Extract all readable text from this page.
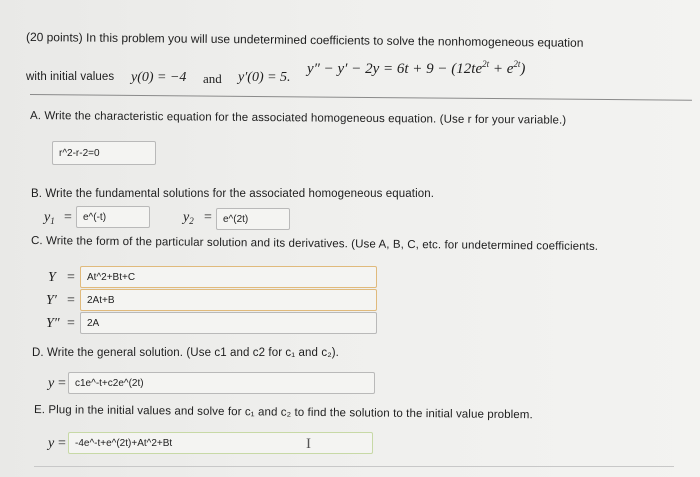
(20 points) In this problem you will use undetermined coefficients to solve the nonhomogeneous equation
$y'' - y' - 2y = 6t + 9 - (12te^{2t} + e^{2t})$
with initial values y(0) = −4 and y′(0) = 5.
A. Write the characteristic equation for the associated homogeneous equation. (Use r for your variable.)
r^2-r-2=0
B. Write the fundamental solutions for the associated homogeneous equation.
$y_1$ =	e^(-t)	$y_2$ =	e^(2t)
C. Write the form of the particular solution and its derivatives. (Use A, B, C, etc. for undetermined coefficients.
Y =	At^2+Bt+C
Y′ =	2At+B
Y″ =	2A
D. Write the general solution. (Use c1 and c2 for c₁ and c₂).
y = c1e^-t+c2e^(2t)
E. Plug in the initial values and solve for c₁ and c₂ to find the solution to the initial value problem.
y = -4e^-t+e^(2t)+At^2+Bt	I
